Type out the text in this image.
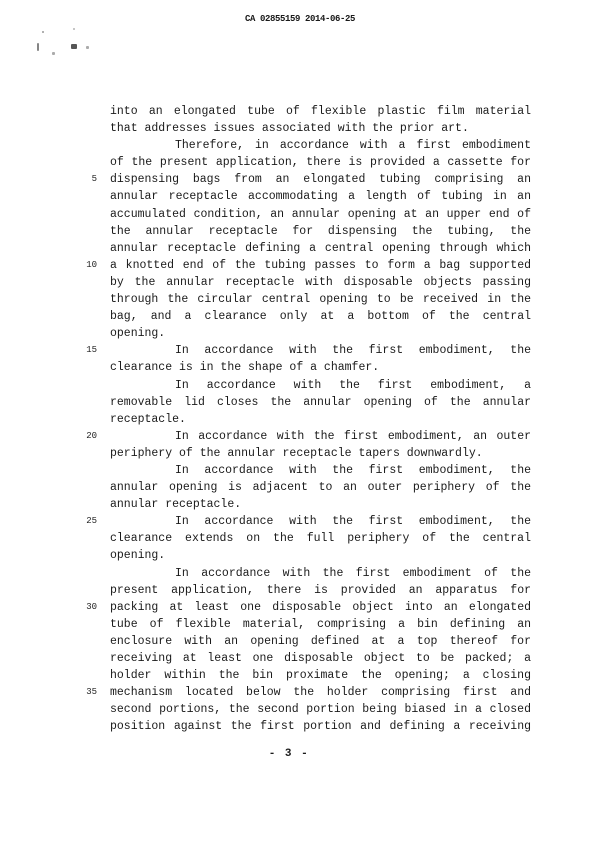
CA 02855159 2014-06-25
into an elongated tube of flexible plastic film material
that addresses issues associated with the prior art.
Therefore, in accordance with a first embodiment
of the present application, there is provided a cassette for
5 dispensing bags from an elongated tubing comprising an
annular receptacle accommodating a length of tubing in an
accumulated condition, an annular opening at an upper end of
the annular receptacle for dispensing the tubing, the
annular receptacle defining a central opening through which
10 a knotted end of the tubing passes to form a bag supported
by the annular receptacle with disposable objects passing
through the circular central opening to be received in the
bag, and a clearance only at a bottom of the central
opening.
15	In accordance with the first embodiment, the
clearance is in the shape of a chamfer.
In accordance with the first embodiment, a
removable lid closes the annular opening of the annular
receptacle.
20	In accordance with the first embodiment, an outer
periphery of the annular receptacle tapers downwardly.
In accordance with the first embodiment, the
annular opening is adjacent to an outer periphery of the
annular receptacle.
25	In accordance with the first embodiment, the
clearance extends on the full periphery of the central
opening.
In accordance with the first embodiment of the
present application, there is provided an apparatus for
30 packing at least one disposable object into an elongated
tube of flexible material, comprising a bin defining an
enclosure with an opening defined at a top thereof for
receiving at least one disposable object to be packed; a
holder within the bin proximate the opening; a closing
35 mechanism located below the holder comprising first and
second portions, the second portion being biased in a closed
position against the first portion and defining a receiving
- 3 -
